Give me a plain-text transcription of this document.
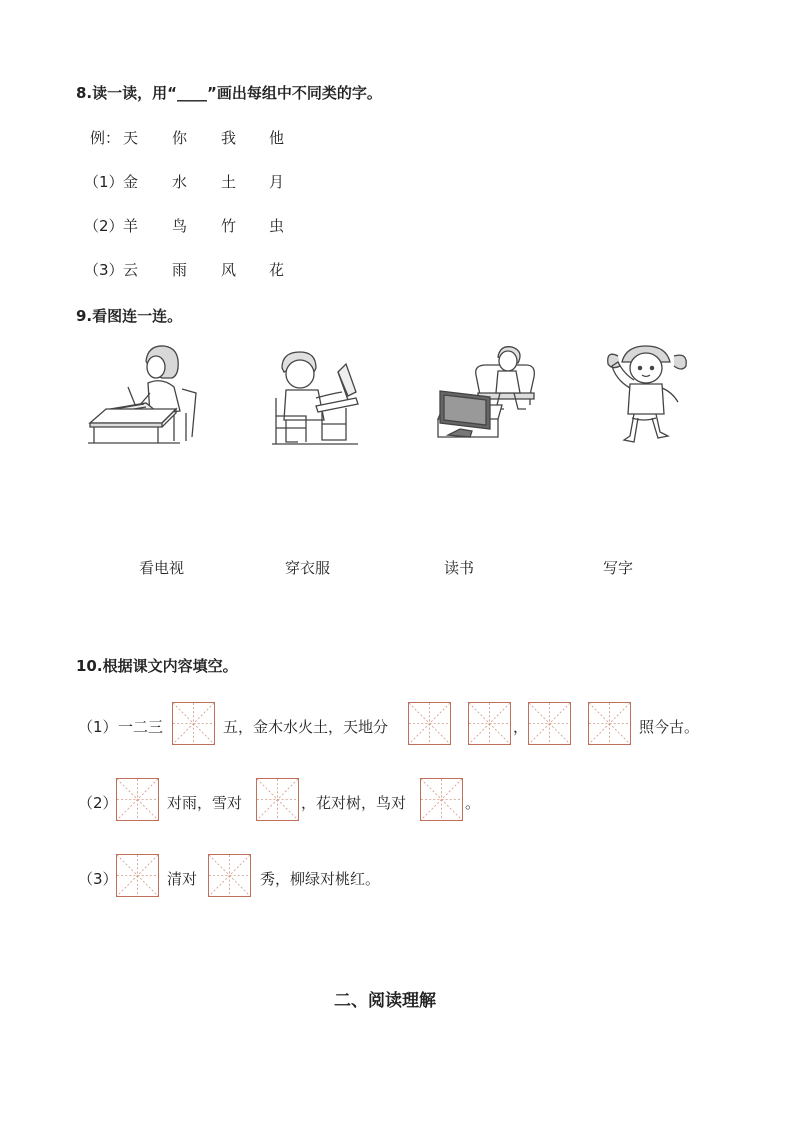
8.读一读，用“____”画出每组中不同类的字。
例： 天 你 我 他
（1） 金 水 土 月
（2） 羊 鸟 竹 虫
（3） 云 雨 风 花
9.看图连一连。
看电视	穿衣服	读书	写字
10.根据课文内容填空。
（1） 一二三	五，金木水火土，天地分	，	照今古。
（2）	对雨，雪对	，花对树，鸟对	。
（3）	清对	秀，柳绿对桃红。
二、阅读理解
